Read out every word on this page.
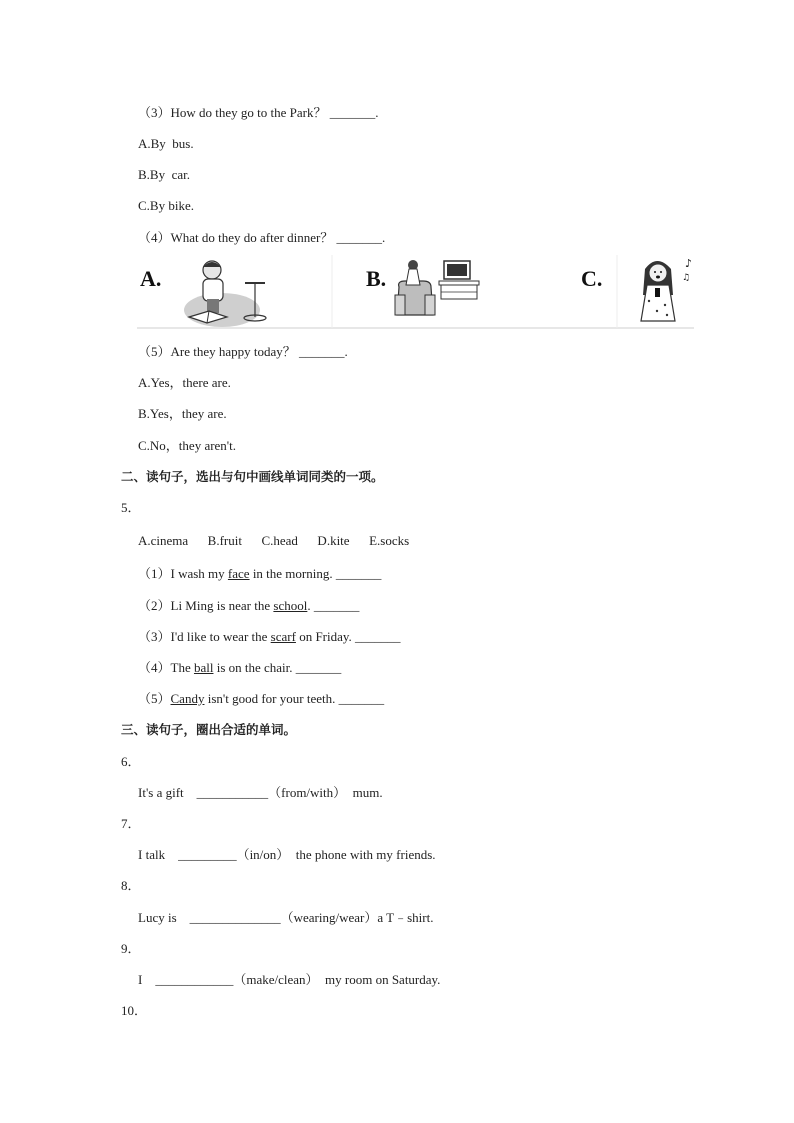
（3）How do they go to the Park？ _______.
A.By  bus.
B.By  car.
C.By bike.
（4）What do they do after dinner？ _______.
A.	B.	C.
♪
♫
（5）Are they happy today？ _______.
A.Yes，there are.
B.Yes，they are.
C.No，they aren't.
二、读句子，选出与句中画线单词同类的一项。
5．
A.cinema      B.fruit      C.head      D.kite      E.socks
（1）I wash my face in the morning. _______
（2）Li Ming is near the school. _______
（3）I'd like to wear the scarf on Friday. _______
（4）The ball is on the chair. _______
（5）Candy isn't good for your teeth. _______
三、读句子，圈出合适的单词。
6．
It's a gift    ___________（from/with）  mum.
7．
I talk    _________（in/on）  the phone with my friends.
8．
Lucy is    ______________（wearing/wear）a T﹣shirt.
9．
I    ____________（make/clean）  my room on Saturday.
10．
